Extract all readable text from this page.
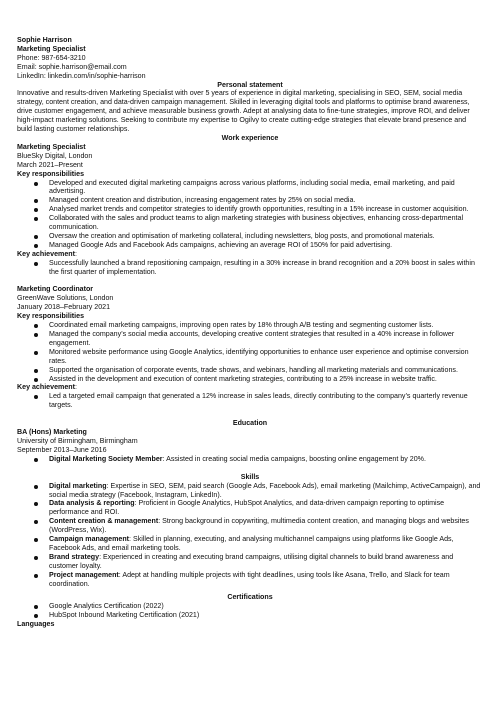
Sophie Harrison
Marketing Specialist
Phone: 987-654-3210
Email: sophie.harrison@email.com
LinkedIn: linkedin.com/in/sophie-harrison
Personal statement
Innovative and results-driven Marketing Specialist with over 5 years of experience in digital marketing, specialising in SEO, SEM, social media strategy, content creation, and data-driven campaign management. Skilled in leveraging digital tools and platforms to optimise brand awareness, drive customer engagement, and achieve measurable business growth. Adept at analysing data to fine-tune strategies, improve ROI, and deliver high-impact marketing solutions. Seeking to contribute my expertise to Ogilvy to create cutting-edge strategies that elevate brand presence and build lasting customer relationships.
Work experience
Marketing Specialist
BlueSky Digital, London
March 2021–Present
Key responsibilities
Developed and executed digital marketing campaigns across various platforms, including social media, email marketing, and paid advertising.
Managed content creation and distribution, increasing engagement rates by 25% on social media.
Analysed market trends and competitor strategies to identify growth opportunities, resulting in a 15% increase in customer acquisition.
Collaborated with the sales and product teams to align marketing strategies with business objectives, enhancing cross-departmental communication.
Oversaw the creation and optimisation of marketing collateral, including newsletters, blog posts, and promotional materials.
Managed Google Ads and Facebook Ads campaigns, achieving an average ROI of 150% for paid advertising.
Key achievement:
Successfully launched a brand repositioning campaign, resulting in a 30% increase in brand recognition and a 20% boost in sales within the first quarter of implementation.
Marketing Coordinator
GreenWave Solutions, London
January 2018–February 2021
Key responsibilities
Coordinated email marketing campaigns, improving open rates by 18% through A/B testing and segmenting customer lists.
Managed the company’s social media accounts, developing creative content strategies that resulted in a 40% increase in follower engagement.
Monitored website performance using Google Analytics, identifying opportunities to enhance user experience and optimise conversion rates.
Supported the organisation of corporate events, trade shows, and webinars, handling all marketing materials and communications.
Assisted in the development and execution of content marketing strategies, contributing to a 25% increase in website traffic.
Key achievement:
Led a targeted email campaign that generated a 12% increase in sales leads, directly contributing to the company’s quarterly revenue targets.
Education
BA (Hons) Marketing
University of Birmingham, Birmingham
September 2013–June 2016
Digital Marketing Society Member: Assisted in creating social media campaigns, boosting online engagement by 20%.
Skills
Digital marketing: Expertise in SEO, SEM, paid search (Google Ads, Facebook Ads), email marketing (Mailchimp, ActiveCampaign), and social media strategy (Facebook, Instagram, LinkedIn).
Data analysis & reporting: Proficient in Google Analytics, HubSpot Analytics, and data-driven campaign reporting to optimise performance and ROI.
Content creation & management: Strong background in copywriting, multimedia content creation, and managing blogs and websites (WordPress, Wix).
Campaign management: Skilled in planning, executing, and analysing multichannel campaigns using platforms like Google Ads, Facebook Ads, and email marketing tools.
Brand strategy: Experienced in creating and executing brand campaigns, utilising digital channels to build brand awareness and customer loyalty.
Project management: Adept at handling multiple projects with tight deadlines, using tools like Asana, Trello, and Slack for team coordination.
Certifications
Google Analytics Certification (2022)
HubSpot Inbound Marketing Certification (2021)
Languages
